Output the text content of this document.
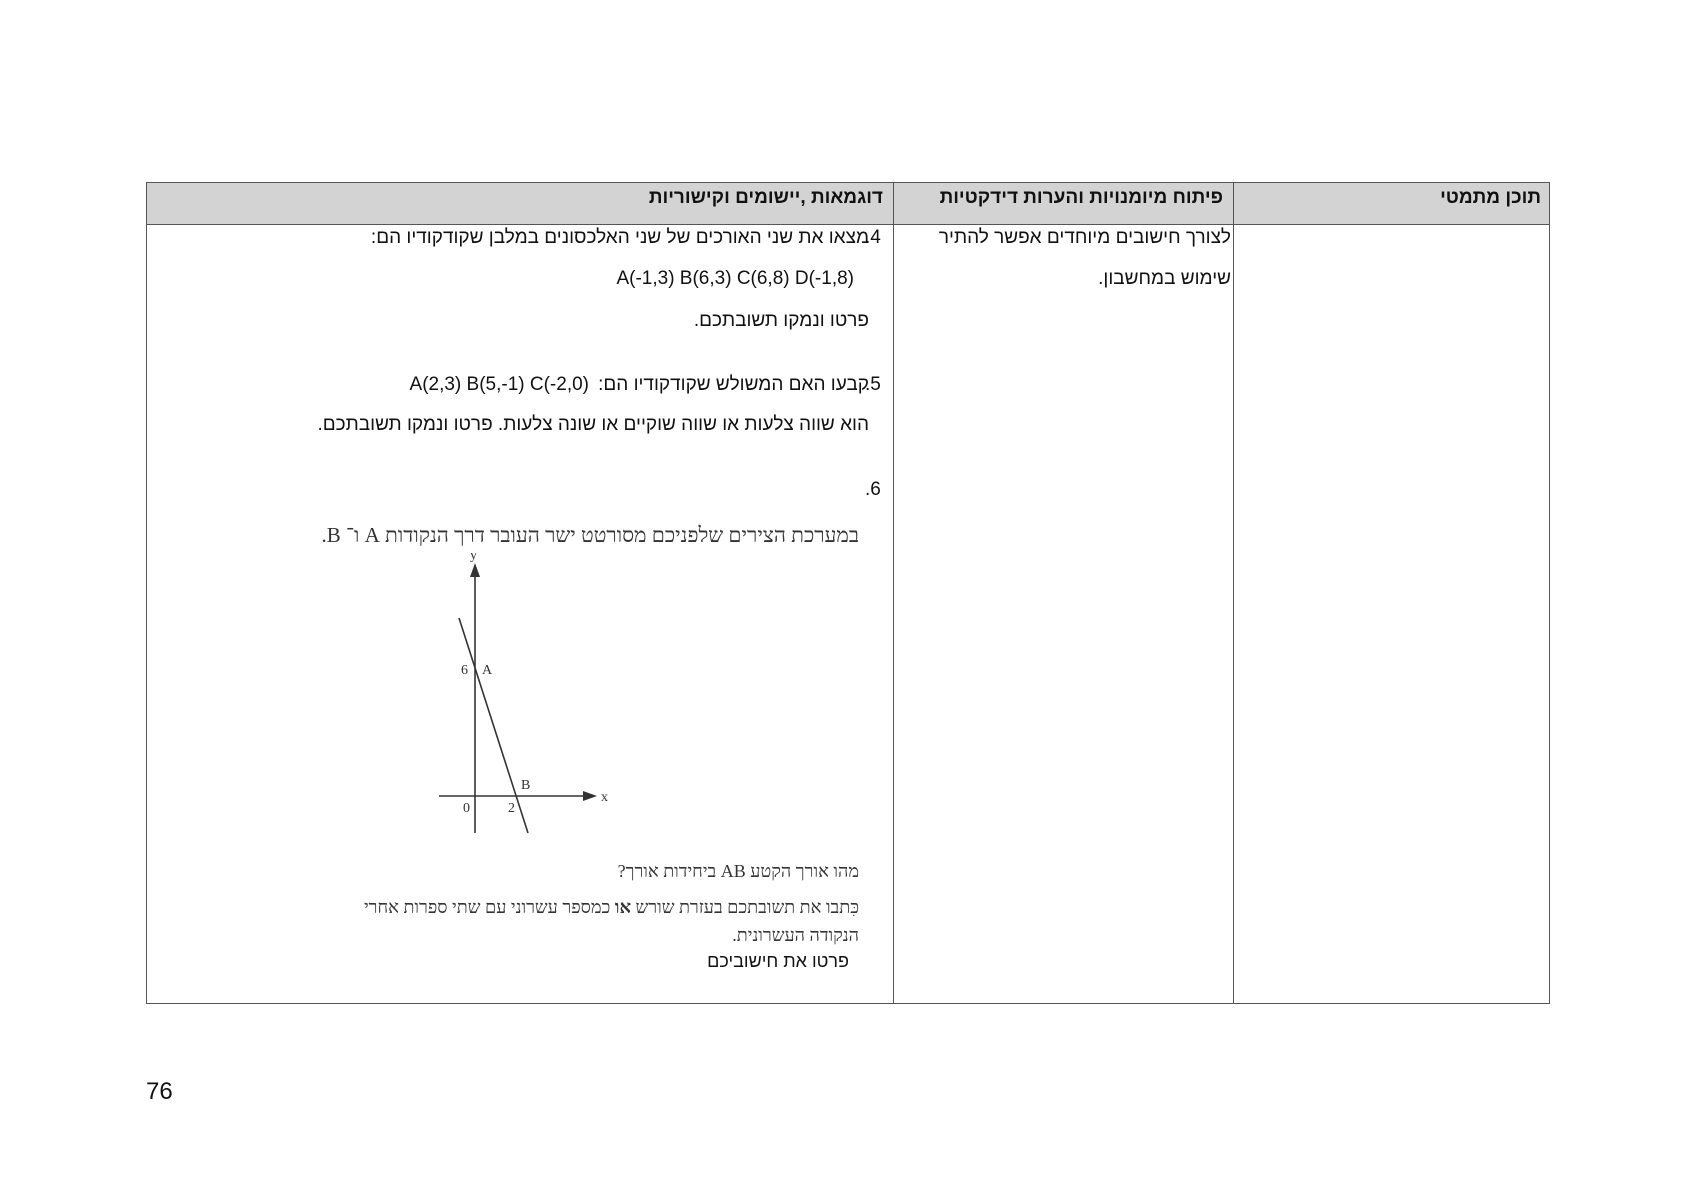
תוכן מתמטי
פיתוח מיומנויות והערות דידקטיות
דוגמאות ,יישומים וקישוריות
לצורך חישובים מיוחדים אפשר להתיר
שימוש במחשבון.
.4
מצאו את שני האורכים של שני האלכסונים במלבן שקודקודיו הם:
A(-1,3) B(6,3) C(6,8) D(-1,8)
פרטו ונמקו תשובתכם.
.5
קבעו האם המשולש שקודקודיו הם:
A(2,3) B(5,-1) C(-2,0)
הוא שווה צלעות או שווה שוקיים או שונה צלעות. פרטו ונמקו תשובתכם.
.6
במערכת הצירים שלפניכם מסורטט ישר העובר דרך הנקודות A ו־ B.
y
x
6 A
0	2
B
מהו אורך הקטע AB ביחידות אורך?
כִּתבו את תשובתכם בעזרת שורש או כמספר עשרוני עם שתי ספרות אחרי
הנקודה העשרונית.
פרטו את חישוביכם
76
